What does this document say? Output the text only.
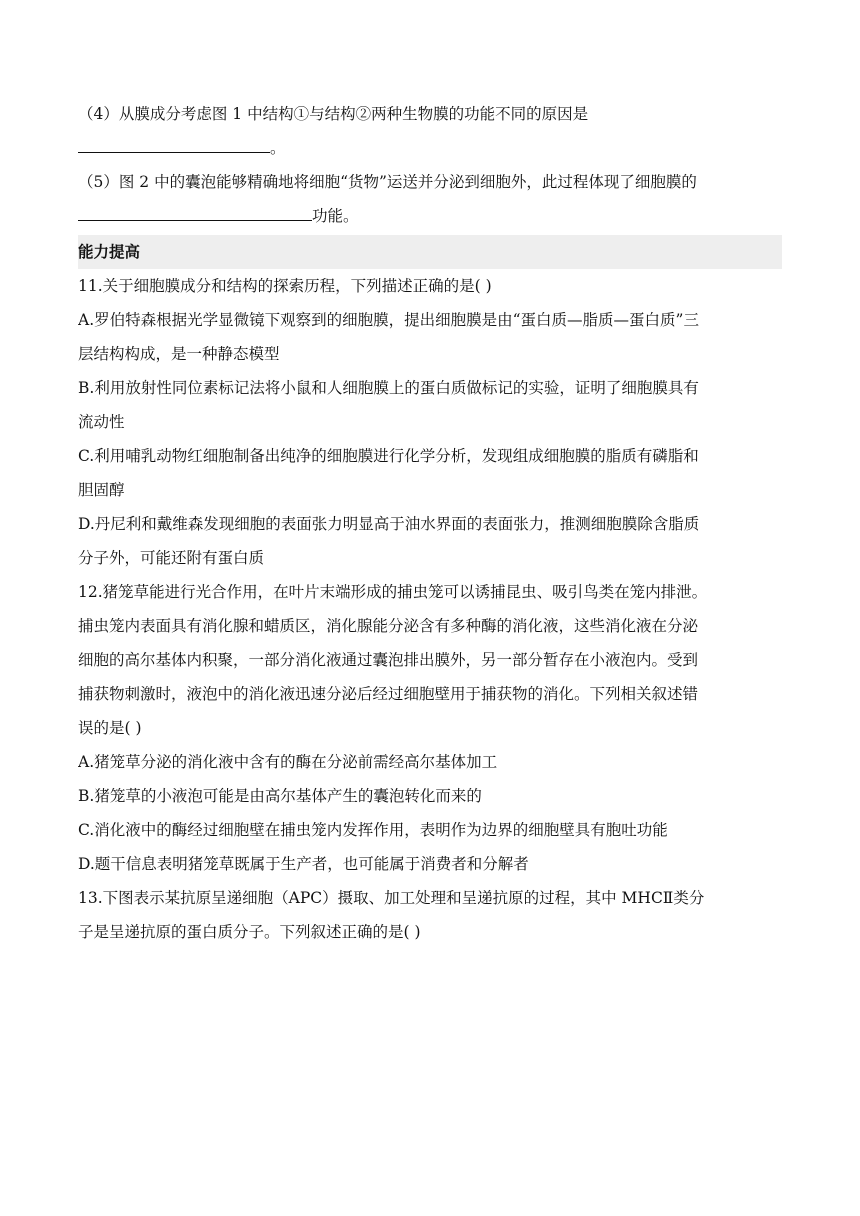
（4）从膜成分考虑图 1 中结构①与结构②两种生物膜的功能不同的原因是
。
（5）图 2 中的囊泡能够精确地将细胞“货物”运送并分泌到细胞外，此过程体现了细胞膜的
功能。
能力提高
11.关于细胞膜成分和结构的探索历程，下列描述正确的是( )
A.罗伯特森根据光学显微镜下观察到的细胞膜，提出细胞膜是由“蛋白质—脂质—蛋白质”三
层结构构成，是一种静态模型
B.利用放射性同位素标记法将小鼠和人细胞膜上的蛋白质做标记的实验，证明了细胞膜具有
流动性
C.利用哺乳动物红细胞制备出纯净的细胞膜进行化学分析，发现组成细胞膜的脂质有磷脂和
胆固醇
D.丹尼利和戴维森发现细胞的表面张力明显高于油水界面的表面张力，推测细胞膜除含脂质
分子外，可能还附有蛋白质
12.猪笼草能进行光合作用，在叶片末端形成的捕虫笼可以诱捕昆虫、吸引鸟类在笼内排泄。
捕虫笼内表面具有消化腺和蜡质区，消化腺能分泌含有多种酶的消化液，这些消化液在分泌
细胞的高尔基体内积聚，一部分消化液通过囊泡排出膜外，另一部分暂存在小液泡内。受到
捕获物刺激时，液泡中的消化液迅速分泌后经过细胞壁用于捕获物的消化。下列相关叙述错
误的是( )
A.猪笼草分泌的消化液中含有的酶在分泌前需经高尔基体加工
B.猪笼草的小液泡可能是由高尔基体产生的囊泡转化而来的
C.消化液中的酶经过细胞壁在捕虫笼内发挥作用，表明作为边界的细胞壁具有胞吐功能
D.题干信息表明猪笼草既属于生产者，也可能属于消费者和分解者
13.下图表示某抗原呈递细胞（APC）摄取、加工处理和呈递抗原的过程，其中 MHCⅡ类分
子是呈递抗原的蛋白质分子。下列叙述正确的是( )
